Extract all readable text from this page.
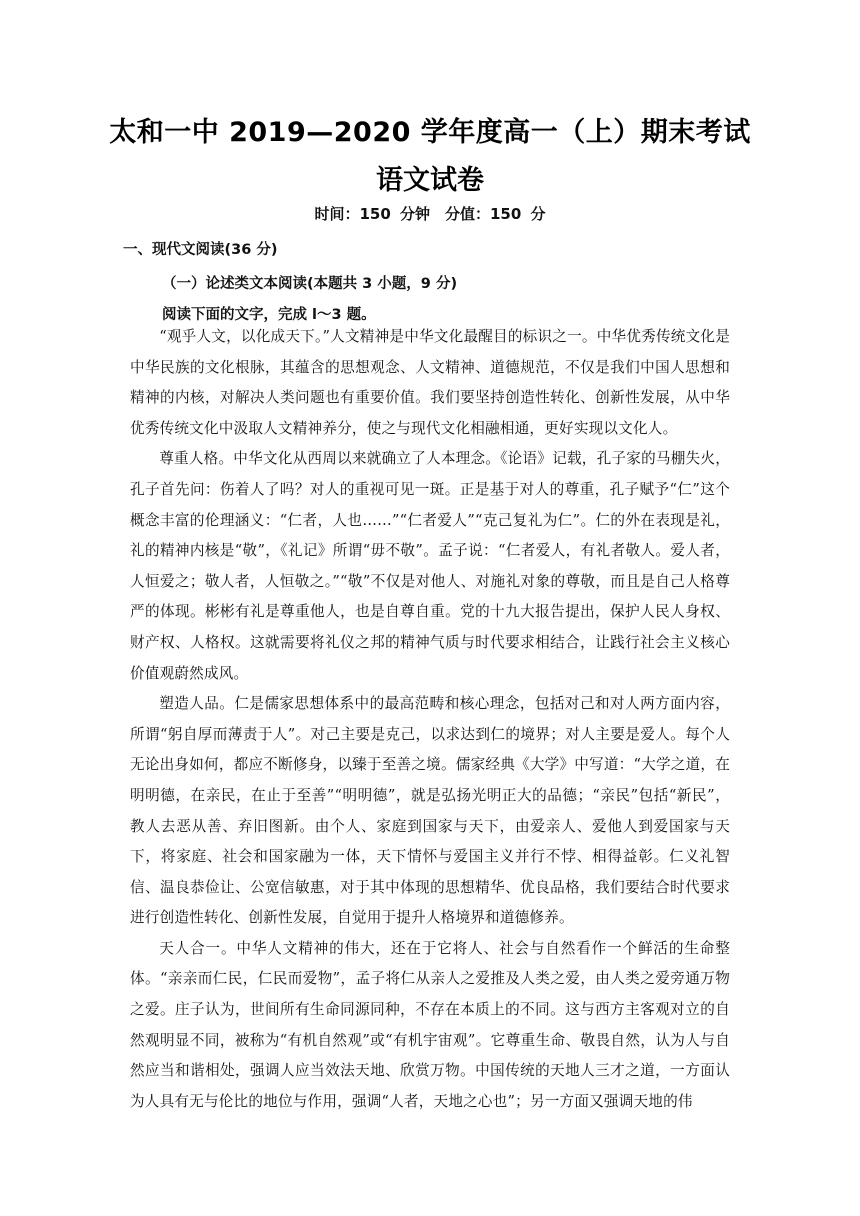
太和一中 2019—2020 学年度高一（上）期末考试
语文试卷
时间：150 分钟　分值：150 分
一、现代文阅读(36 分)
（一）论述类文本阅读(本题共 3 小题，9 分)
阅读下面的文字，完成 l～3 题。

“观乎人文，以化成天下。”人文精神是中华文化最醒目的标识之一。中华优秀传统文化是中华民族的文化根脉，其蕴含的思想观念、人文精神、道德规范，不仅是我们中国人思想和精神的内核，对解决人类问题也有重要价值。我们要坚持创造性转化、创新性发展，从中华优秀传统文化中汲取人文精神养分，使之与现代文化相融相通，更好实现以文化人。

尊重人格。中华文化从西周以来就确立了人本理念。《论语》记载，孔子家的马棚失火，孔子首先问：伤着人了吗？对人的重视可见一斑。正是基于对人的尊重，孔子赋予“仁”这个概念丰富的伦理涵义：“仁者，人也……”“仁者爱人”“克己复礼为仁”。仁的外在表现是礼，礼的精神内核是“敬”，《礼记》所谓“毋不敬”。孟子说：“仁者爱人，有礼者敬人。爱人者，人恒爱之；敬人者，人恒敬之。”“敬”不仅是对他人、对施礼对象的尊敬，而且是自己人格尊严的体现。彬彬有礼是尊重他人，也是自尊自重。党的十九大报告提出，保护人民人身权、财产权、人格权。这就需要将礼仪之邦的精神气质与时代要求相结合，让践行社会主义核心价值观蔚然成风。

塑造人品。仁是儒家思想体系中的最高范畴和核心理念，包括对己和对人两方面内容，所谓“躬自厚而薄责于人”。对己主要是克己，以求达到仁的境界；对人主要是爱人。每个人无论出身如何，都应不断修身，以臻于至善之境。儒家经典《大学》中写道：“大学之道，在明明德，在亲民，在止于至善”“明明德”，就是弘扬光明正大的品德；“亲民”包括“新民”，教人去恶从善、弃旧图新。由个人、家庭到国家与天下，由爱亲人、爱他人到爱国家与天下，将家庭、社会和国家融为一体，天下情怀与爱国主义并行不悖、相得益彰。仁义礼智信、温良恭俭让、公宽信敏惠，对于其中体现的思想精华、优良品格，我们要结合时代要求进行创造性转化、创新性发展，自觉用于提升人格境界和道德修养。

天人合一。中华人文精神的伟大，还在于它将人、社会与自然看作一个鲜活的生命整体。“亲亲而仁民，仁民而爱物”，孟子将仁从亲人之爱推及人类之爱，由人类之爱旁通万物之爱。庄子认为，世间所有生命同源同种，不存在本质上的不同。这与西方主客观对立的自然观明显不同，被称为“有机自然观”或“有机宇宙观”。它尊重生命、敬畏自然，认为人与自然应当和谐相处，强调人应当效法天地、欣赏万物。中国传统的天地人三才之道，一方面认为人具有无与伦比的地位与作用，强调“人者，天地之心也”；另一方面又强调天地的伟
